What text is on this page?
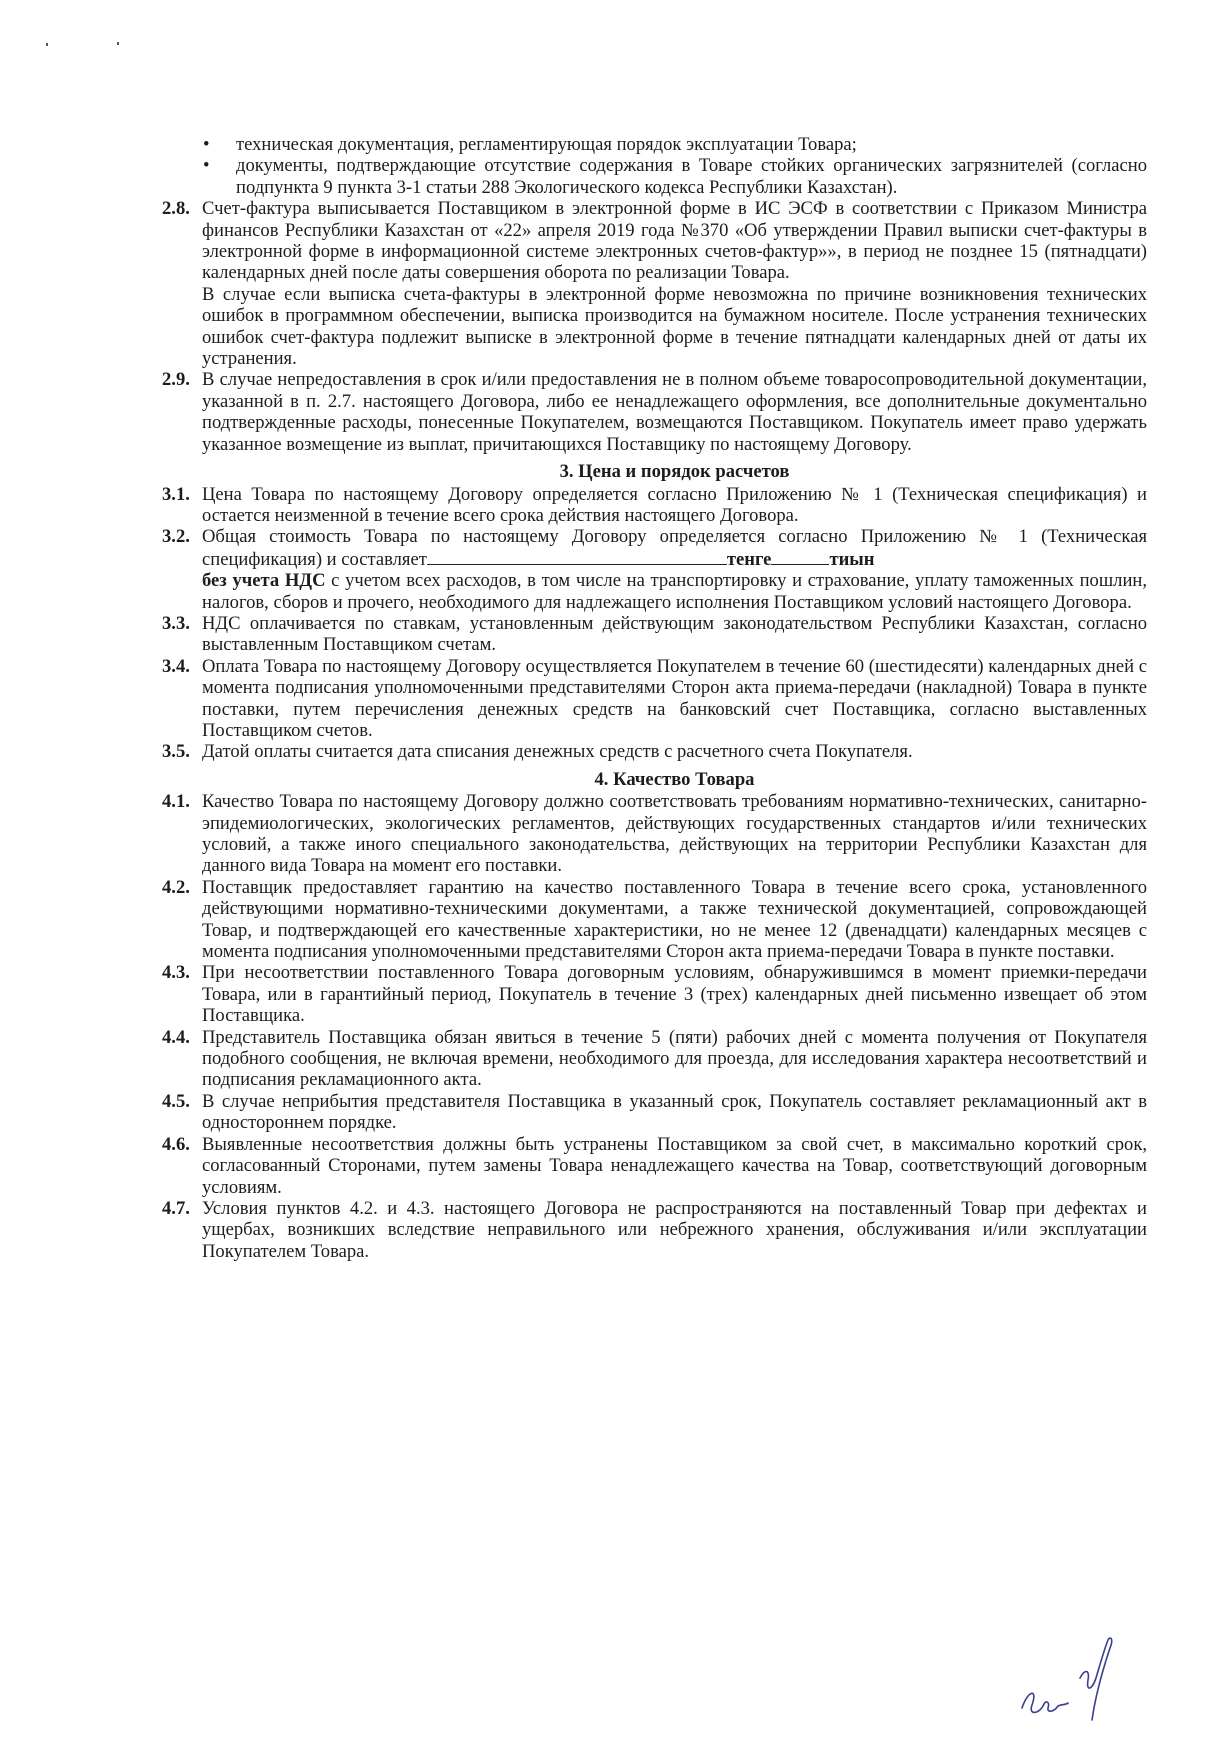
•	техническая документация, регламентирующая порядок эксплуатации Товара;
•	документы, подтверждающие отсутствие содержания в Товаре стойких органических загрязнителей (согласно подпункта 9 пункта 3-1 статьи 288 Экологического кодекса Республики Казахстан).
2.8. Счет-фактура выписывается Поставщиком в электронной форме в ИС ЭСФ в соответствии с Приказом Министра финансов Республики Казахстан от «22» апреля 2019 года №370 «Об утверждении Правил выписки счет-фактуры в электронной форме в информационной системе электронных счетов-фактур»», в период не позднее 15 (пятнадцати) календарных дней после даты совершения оборота по реализации Товара.

В случае если выписка счета-фактуры в электронной форме невозможна по причине возникновения технических ошибок в программном обеспечении, выписка производится на бумажном носителе. После устранения технических ошибок счет-фактура подлежит выписке в электронной форме в течение пятнадцати календарных дней от даты их устранения.

2.9. В случае непредоставления в срок и/или предоставления не в полном объеме товаросопроводительной документации, указанной в п. 2.7. настоящего Договора, либо ее ненадлежащего оформления, все дополнительные документально подтвержденные расходы, понесенные Покупателем, возмещаются Поставщиком. Покупатель имеет право удержать указанное возмещение из выплат, причитающихся Поставщику по настоящему Договору.

3. Цена и порядок расчетов
3.1. Цена Товара по настоящему Договору определяется согласно Приложению № 1 (Техническая спецификация) и остается неизменной в течение всего срока действия настоящего Договора.

3.2. Общая стоимость Товара по настоящему Договору определяется согласно Приложению № 1 (Техническая спецификация) и составляет	тенге	тиын
без учета НДС с учетом всех расходов, в том числе на транспортировку и страхование, уплату таможенных пошлин, налогов, сборов и прочего, необходимого для надлежащего исполнения Поставщиком условий настоящего Договора.

3.3. НДС оплачивается по ставкам, установленным действующим законодательством Республики Казахстан, согласно выставленным Поставщиком счетам.

3.4. Оплата Товара по настоящему Договору осуществляется Покупателем в течение 60 (шестидесяти) календарных дней с момента подписания уполномоченными представителями Сторон акта приема-передачи (накладной) Товара в пункте поставки, путем перечисления денежных средств на банковский счет Поставщика, согласно выставленных Поставщиком счетов.

3.5. Датой оплаты считается дата списания денежных средств с расчетного счета Покупателя.

4. Качество Товара
4.1. Качество Товара по настоящему Договору должно соответствовать требованиям нормативно-технических, санитарно-эпидемиологических, экологических регламентов, действующих государственных стандартов и/или технических условий, а также иного специального законодательства, действующих на территории Республики Казахстан для данного вида Товара на момент его поставки.

4.2. Поставщик предоставляет гарантию на качество поставленного Товара в течение всего срока, установленного действующими нормативно-техническими документами, а также технической документацией, сопровождающей Товар, и подтверждающей его качественные характеристики, но не менее 12 (двенадцати) календарных месяцев с момента подписания уполномоченными представителями Сторон акта приема-передачи Товара в пункте поставки.

4.3. При несоответствии поставленного Товара договорным условиям, обнаружившимся в момент приемки-передачи Товара, или в гарантийный период, Покупатель в течение 3 (трех) календарных дней письменно извещает об этом Поставщика.

4.4. Представитель Поставщика обязан явиться в течение 5 (пяти) рабочих дней с момента получения от Покупателя подобного сообщения, не включая времени, необходимого для проезда, для исследования характера несоответствий и подписания рекламационного акта.

4.5. В случае неприбытия представителя Поставщика в указанный срок, Покупатель составляет рекламационный акт в одностороннем порядке.

4.6. Выявленные несоответствия должны быть устранены Поставщиком за свой счет, в максимально короткий срок, согласованный Сторонами, путем замены Товара ненадлежащего качества на Товар, соответствующий договорным условиям.

4.7. Условия пунктов 4.2. и 4.3. настоящего Договора не распространяются на поставленный Товар при дефектах и ущербах, возникших вследствие неправильного или небрежного хранения, обслуживания и/или эксплуатации Покупателем Товара.
